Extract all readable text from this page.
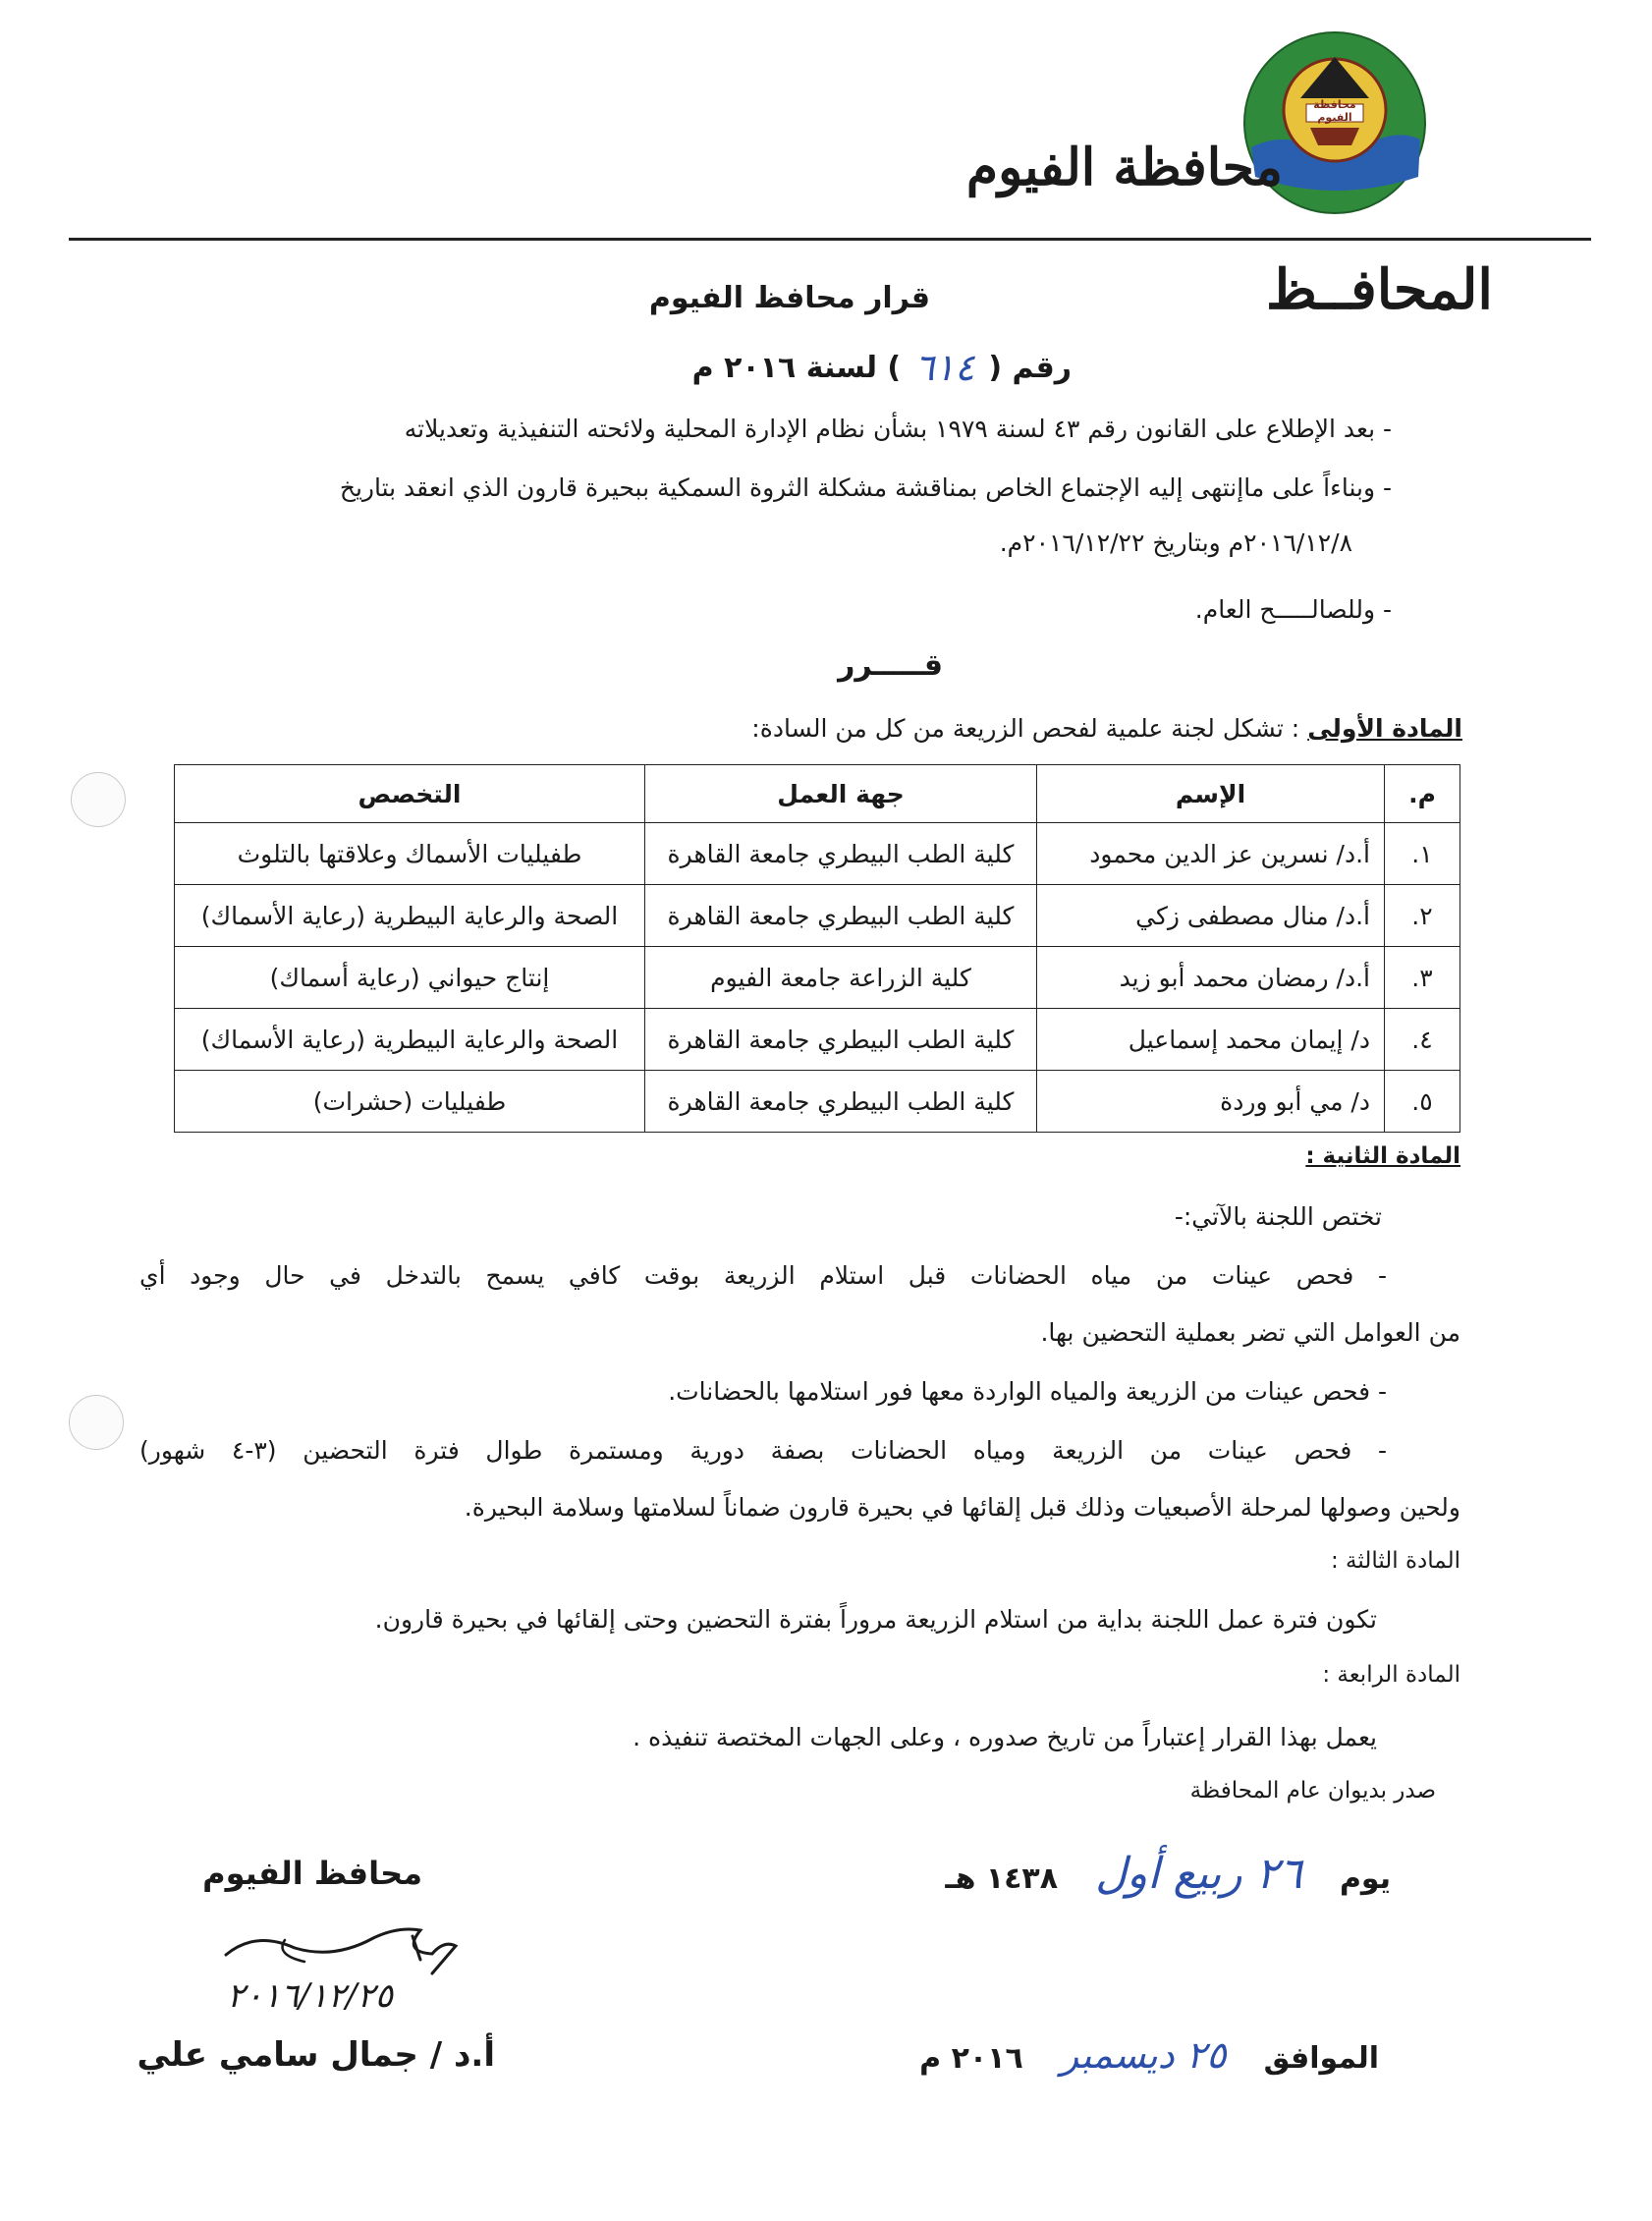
محافظة الفيوم
محافظة الفيوم
المحافــظ
قرار محافظ الفيوم
رقم (
٦١٤
) لسنة ٢٠١٦ م
- بعد الإطلاع على القانون رقم ٤٣ لسنة ١٩٧٩ بشأن نظام الإدارة المحلية ولائحته التنفيذية وتعديلاته
- وبناءاً على ماإنتهى إليه الإجتماع الخاص بمناقشة مشكلة الثروة السمكية ببحيرة قارون الذي انعقد بتاريخ
٢٠١٦/١٢/٨م وبتاريخ ٢٠١٦/١٢/٢٢م.
- وللصالـــــح العام.
قـــــرر
المادة الأولى : تشكل لجنة علمية لفحص الزريعة من كل من السادة:
م.	الإسم	جهة العمل	التخصص
١.	أ.د/ نسرين عز الدين محمود	كلية الطب البيطري جامعة القاهرة	طفيليات الأسماك وعلاقتها بالتلوث
٢.	أ.د/ منال مصطفى زكي	كلية الطب البيطري جامعة القاهرة	الصحة والرعاية البيطرية (رعاية الأسماك)
٣.	أ.د/ رمضان محمد أبو زيد	كلية الزراعة جامعة الفيوم	إنتاج حيواني (رعاية أسماك)
٤.	د/ إيمان محمد إسماعيل	كلية الطب البيطري جامعة القاهرة	الصحة والرعاية البيطرية (رعاية الأسماك)
٥.	د/ مي أبو وردة	كلية الطب البيطري جامعة القاهرة	طفيليات (حشرات)
المادة الثانية :
تختص اللجنة بالآتي:-
- فحص عينات من مياه الحضانات قبل استلام الزريعة بوقت كافي يسمح بالتدخل في حال وجود أي
من العوامل التي تضر بعملية التحضين بها.
- فحص عينات من الزريعة والمياه الواردة معها فور استلامها بالحضانات.
- فحص عينات من الزريعة ومياه الحضانات بصفة دورية ومستمرة طوال فترة التحضين (٣-٤ شهور)
ولحين وصولها لمرحلة الأصبعيات وذلك قبل إلقائها في بحيرة قارون ضماناً لسلامتها وسلامة البحيرة.
المادة الثالثة :
تكون فترة عمل اللجنة بداية من استلام الزريعة مروراً بفترة التحضين وحتى إلقائها في بحيرة قارون.
المادة الرابعة :
يعمل بهذا القرار إعتباراً من تاريخ صدوره ، وعلى الجهات المختصة تنفيذه .
صدر بديوان عام المحافظة
يوم
٢٦ ربيع أول
١٤٣٨ هـ
الموافق
٢٥ ديسمبر
٢٠١٦ م
محافظ الفيوم
٢٠١٦/١٢/٢٥
أ.د / جمال سامي علي
